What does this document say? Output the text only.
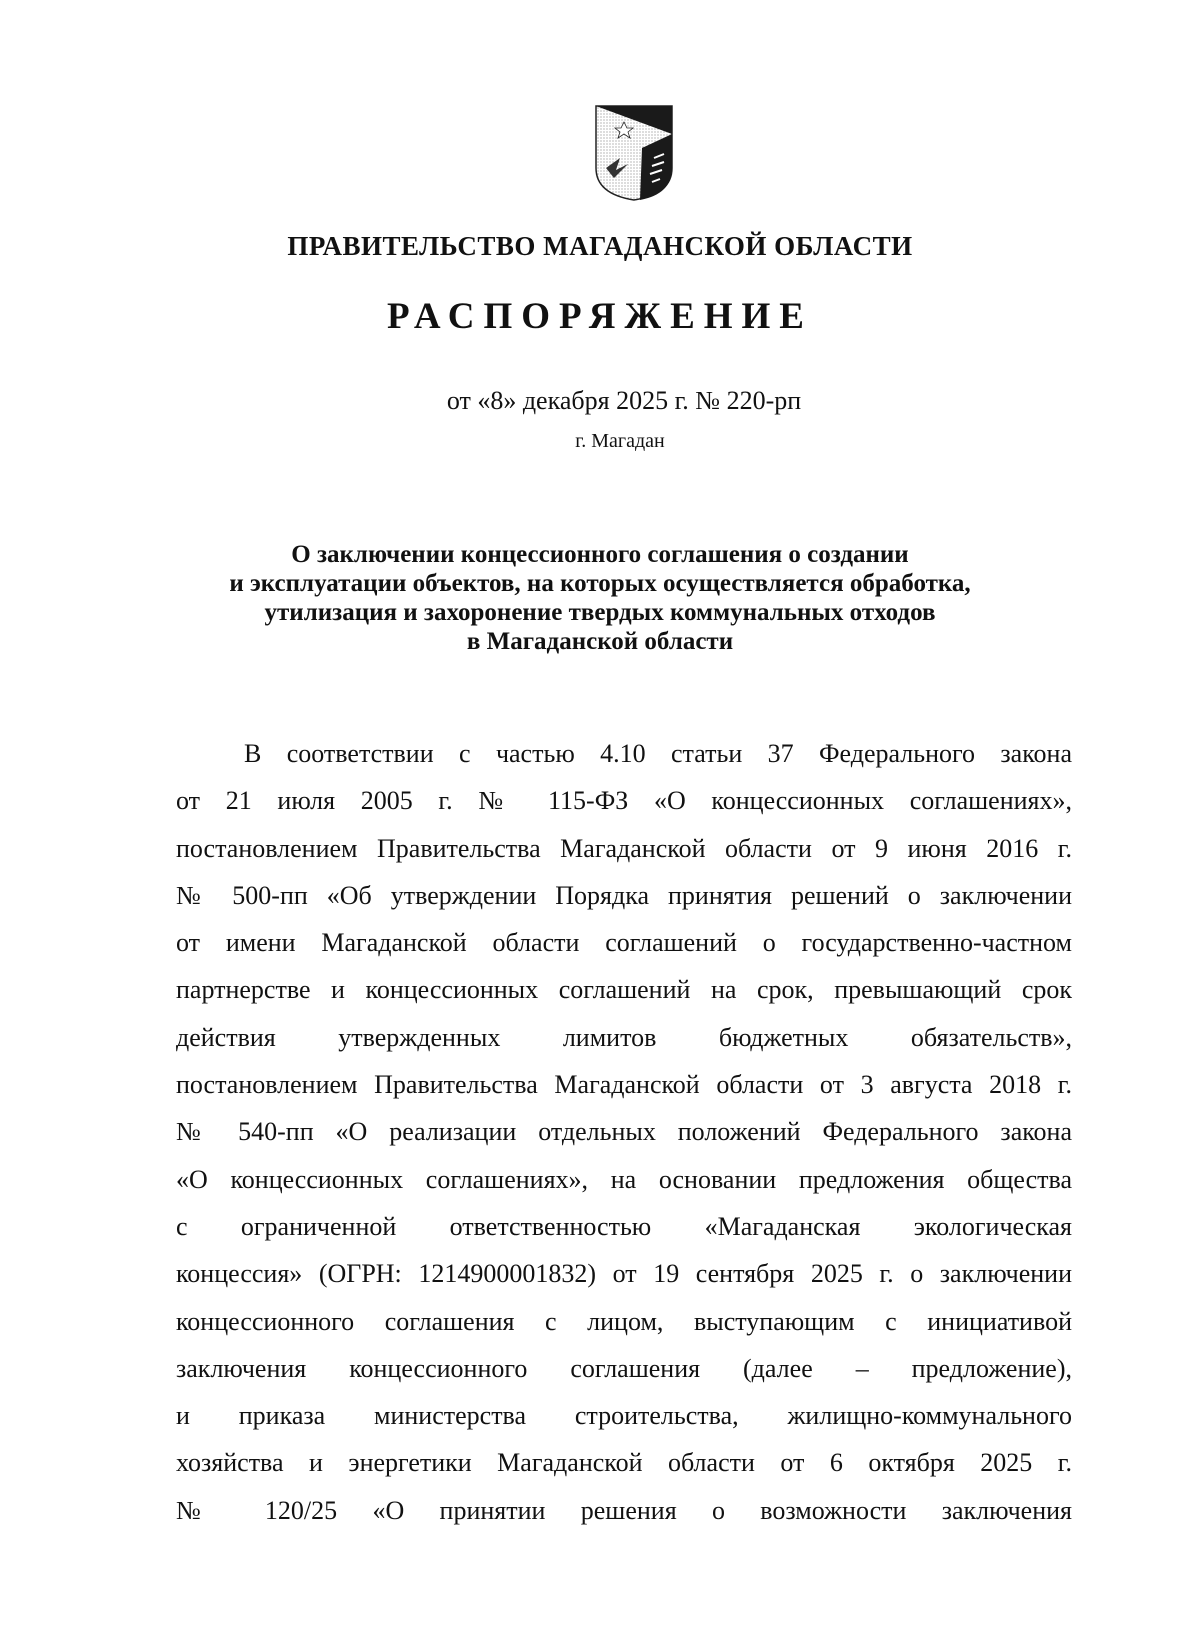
ПРАВИТЕЛЬСТВО МАГАДАНСКОЙ ОБЛАСТИ
РАСПОРЯЖЕНИЕ
от «8» декабря 2025 г. № 220-рп
г. Магадан
О заключении концессионного соглашения о создании
и эксплуатации объектов, на которых осуществляется обработка,
утилизация и захоронение твердых коммунальных отходов
в Магаданской области
В соответствии с частью 4.10 статьи 37 Федерального закона
от 21 июля 2005 г. № 115-ФЗ «О концессионных соглашениях»,
постановлением Правительства Магаданской области от 9 июня 2016 г.
№ 500-пп «Об утверждении Порядка принятия решений о заключении
от имени Магаданской области соглашений о государственно-частном
партнерстве и концессионных соглашений на срок, превышающий срок
действия утвержденных лимитов бюджетных обязательств»,
постановлением Правительства Магаданской области от 3 августа 2018 г.
№ 540-пп «О реализации отдельных положений Федерального закона
«О концессионных соглашениях», на основании предложения общества
с ограниченной ответственностью «Магаданская экологическая
концессия» (ОГРН: 1214900001832) от 19 сентября 2025 г. о заключении
концессионного соглашения с лицом, выступающим с инициативой
заключения концессионного соглашения (далее – предложение),
и приказа министерства строительства, жилищно-коммунального
хозяйства и энергетики Магаданской области от 6 октября 2025 г.
№ 120/25 «О принятии решения о возможности заключения
